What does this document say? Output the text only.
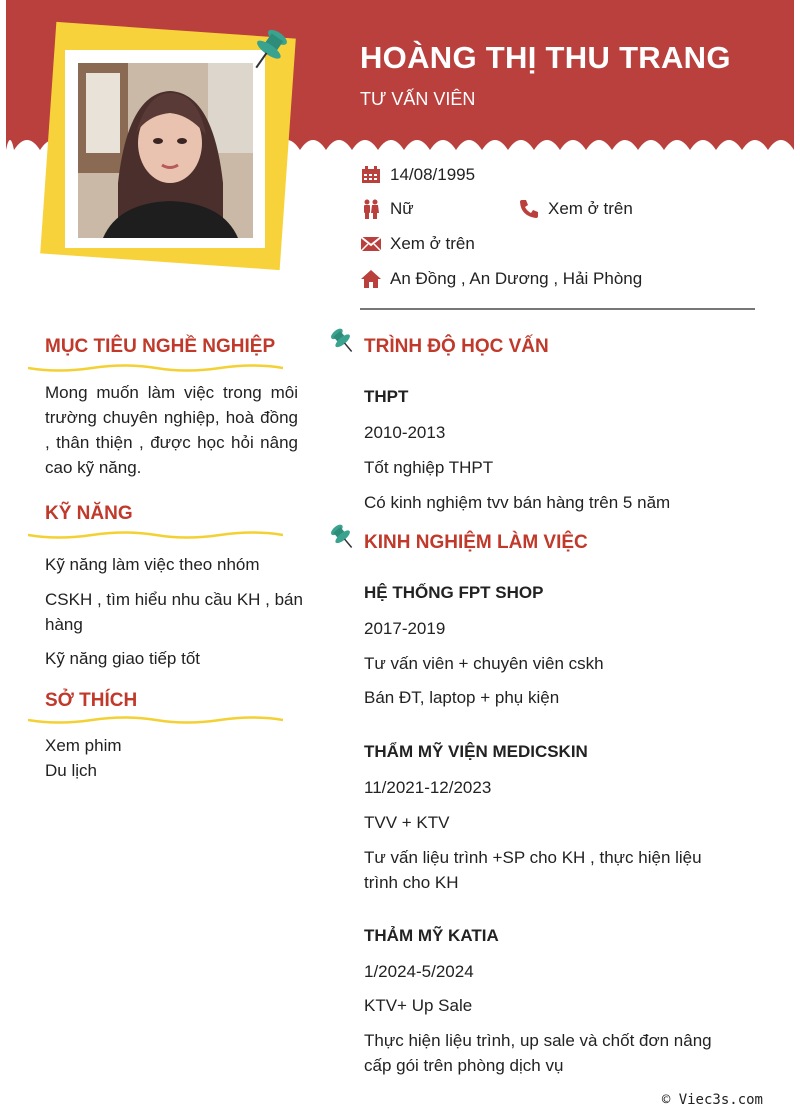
HOÀNG THỊ THU TRANG
TƯ VẤN VIÊN
14/08/1995
Nữ	Xem ở trên
Xem ở trên
An Đồng , An Dương , Hải Phòng
MỤC TIÊU NGHỀ NGHIỆP
Mong muốn làm việc trong môi trường chuyên nghiệp, hoà đồng , thân thiện , được học hỏi nâng cao kỹ năng.
KỸ NĂNG
Kỹ năng làm việc theo nhóm
CSKH , tìm hiểu nhu cầu KH , bán hàng
Kỹ năng giao tiếp tốt
SỞ THÍCH
Xem phim
Du lịch
TRÌNH ĐỘ HỌC VẤN
THPT
2010-2013
Tốt nghiệp THPT
Có kinh nghiệm tvv bán hàng trên 5 năm
KINH NGHIỆM LÀM VIỆC
HỆ THỐNG FPT SHOP
2017-2019
Tư vấn viên + chuyên viên cskh
Bán ĐT, laptop + phụ kiện
THẨM MỸ VIỆN MEDICSKIN
11/2021-12/2023
TVV + KTV
Tư vấn liệu trình +SP cho KH , thực hiện liệu trình cho KH
THẢM MỸ KATIA
1/2024-5/2024
KTV+ Up Sale
Thực hiện liệu trình, up sale và chốt đơn nâng cấp gói trên phòng dịch vụ
© Viec3s.com
